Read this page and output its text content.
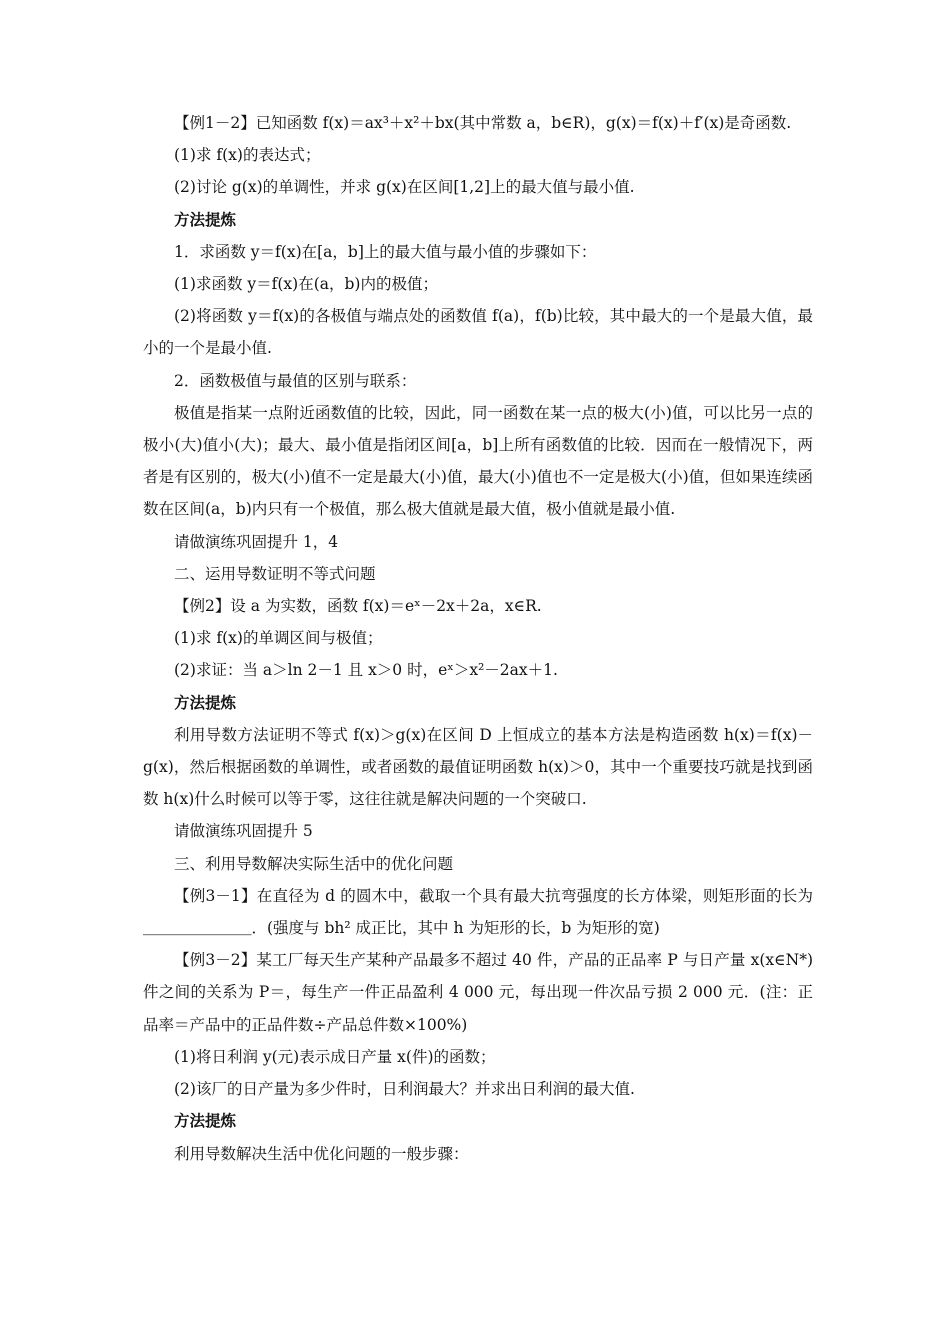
【例1－2】已知函数 f(x)＝ax³＋x²＋bx(其中常数 a，b∈R)，g(x)＝f(x)＋f′(x)是奇函数.

(1)求 f(x)的表达式；

(2)讨论 g(x)的单调性，并求 g(x)在区间[1,2]上的最大值与最小值.

方法提炼

1．求函数 y＝f(x)在[a，b]上的最大值与最小值的步骤如下：

(1)求函数 y＝f(x)在(a，b)内的极值；

(2)将函数 y＝f(x)的各极值与端点处的函数值 f(a)，f(b)比较，其中最大的一个是最大值，最小的一个是最小值.

2．函数极值与最值的区别与联系：

极值是指某一点附近函数值的比较，因此，同一函数在某一点的极大(小)值，可以比另一点的极小(大)值小(大)；最大、最小值是指闭区间[a，b]上所有函数值的比较．因而在一般情况下，两者是有区别的，极大(小)值不一定是最大(小)值，最大(小)值也不一定是极大(小)值，但如果连续函数在区间(a，b)内只有一个极值，那么极大值就是最大值，极小值就是最小值.

请做演练巩固提升 1，4

二、运用导数证明不等式问题

【例2】设 a 为实数，函数 f(x)＝eˣ－2x＋2a，x∈R.

(1)求 f(x)的单调区间与极值；

(2)求证：当 a＞ln 2－1 且 x＞0 时，eˣ＞x²－2ax＋1.

方法提炼

利用导数方法证明不等式 f(x)＞g(x)在区间 D 上恒成立的基本方法是构造函数 h(x)＝f(x)－g(x)，然后根据函数的单调性，或者函数的最值证明函数 h(x)＞0，其中一个重要技巧就是找到函数 h(x)什么时候可以等于零，这往往就是解决问题的一个突破口.

请做演练巩固提升 5

三、利用导数解决实际生活中的优化问题

【例3－1】在直径为 d 的圆木中，截取一个具有最大抗弯强度的长方体梁，则矩形面的长为＿＿＿＿＿＿＿．(强度与 bh² 成正比，其中 h 为矩形的长，b 为矩形的宽)

【例3－2】某工厂每天生产某种产品最多不超过 40 件，产品的正品率 P 与日产量 x(x∈N*)件之间的关系为 P＝，每生产一件正品盈利 4 000 元，每出现一件次品亏损 2 000 元．(注：正品率＝产品中的正品件数÷产品总件数×100%)

(1)将日利润 y(元)表示成日产量 x(件)的函数；

(2)该厂的日产量为多少件时，日利润最大？并求出日利润的最大值.

方法提炼

利用导数解决生活中优化问题的一般步骤：
